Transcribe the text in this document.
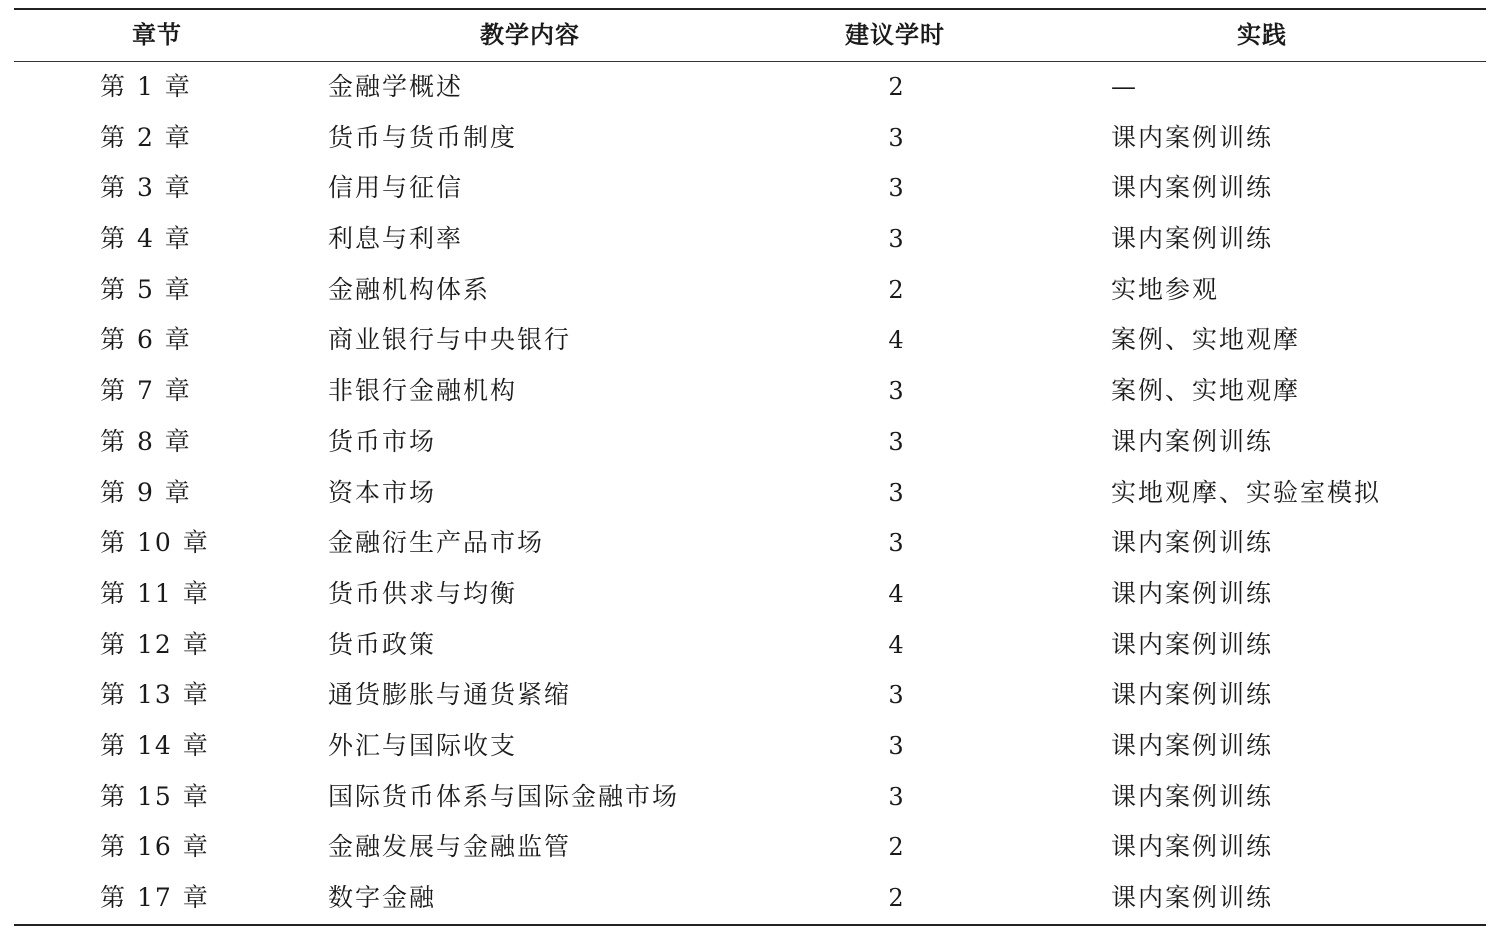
章节	教学内容	建议学时	实践
第 1 章	金融学概述	2	—
第 2 章	货币与货币制度	3	课内案例训练
第 3 章	信用与征信	3	课内案例训练
第 4 章	利息与利率	3	课内案例训练
第 5 章	金融机构体系	2	实地参观
第 6 章	商业银行与中央银行	4	案例、实地观摩
第 7 章	非银行金融机构	3	案例、实地观摩
第 8 章	货币市场	3	课内案例训练
第 9 章	资本市场	3	实地观摩、实验室模拟
第 10 章	金融衍生产品市场	3	课内案例训练
第 11 章	货币供求与均衡	4	课内案例训练
第 12 章	货币政策	4	课内案例训练
第 13 章	通货膨胀与通货紧缩	3	课内案例训练
第 14 章	外汇与国际收支	3	课内案例训练
第 15 章	国际货币体系与国际金融市场	3	课内案例训练
第 16 章	金融发展与金融监管	2	课内案例训练
第 17 章	数字金融	2	课内案例训练
